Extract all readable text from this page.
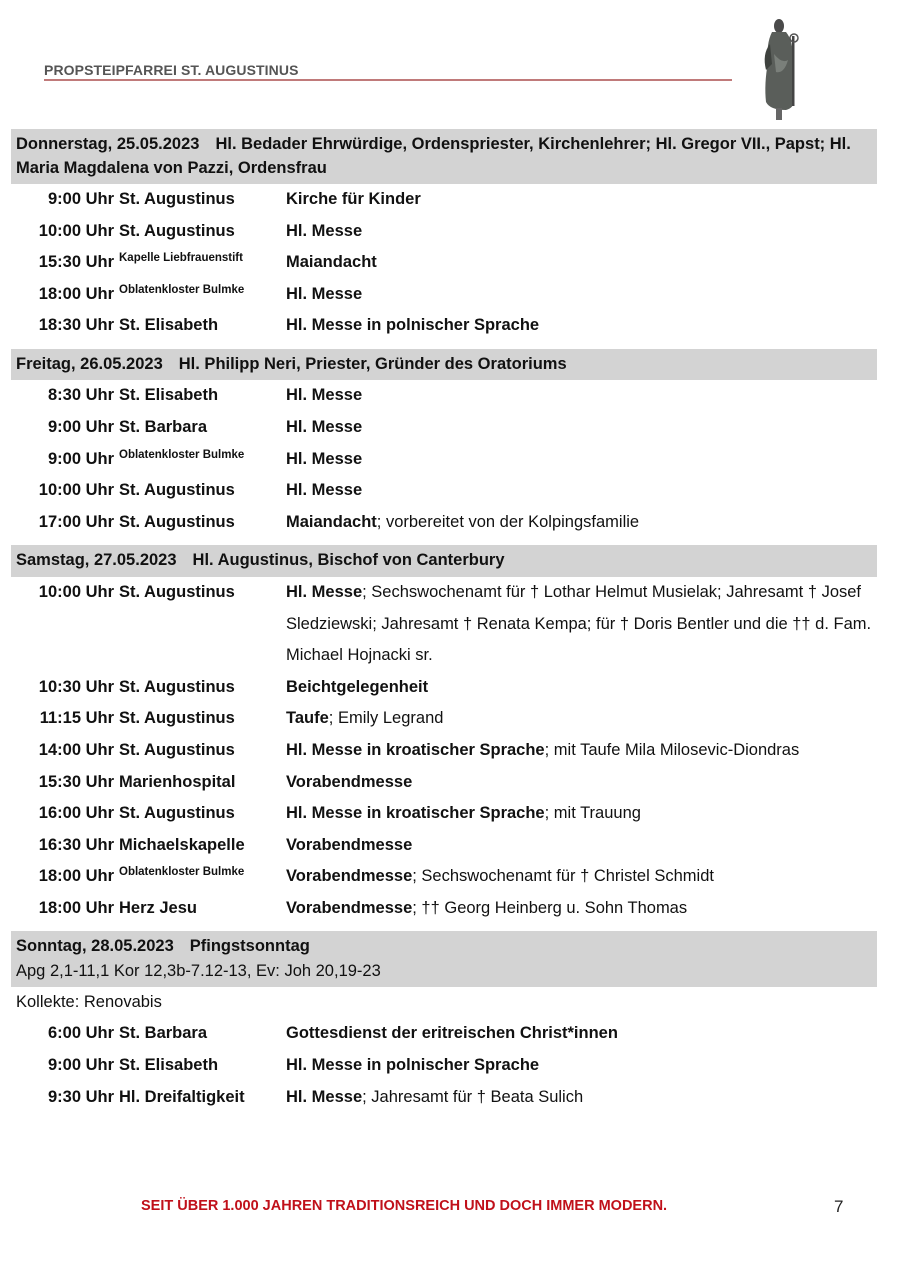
PROPSTEIPFARREI ST. AUGUSTINUS
Donnerstag, 25.05.2023 Hl. Bedader Ehrwürdige, Ordenspriester, Kirchenlehrer; Hl. Gregor VII., Papst; Hl. Maria Magdalena von Pazzi, Ordensfrau
9:00 Uhr St. Augustinus	Kirche für Kinder
10:00 Uhr St. Augustinus	Hl. Messe
15:30 Uhr Kapelle Liebfrauenstift	Maiandacht
18:00 Uhr Oblatenkloster Bulmke	Hl. Messe
18:30 Uhr St. Elisabeth	Hl. Messe in polnischer Sprache
Freitag, 26.05.2023 Hl. Philipp Neri, Priester, Gründer des Oratoriums
8:30 Uhr St. Elisabeth	Hl. Messe
9:00 Uhr St. Barbara	Hl. Messe
9:00 Uhr Oblatenkloster Bulmke	Hl. Messe
10:00 Uhr St. Augustinus	Hl. Messe
17:00 Uhr St. Augustinus	Maiandacht; vorbereitet von der Kolpingsfamilie
Samstag, 27.05.2023 Hl. Augustinus, Bischof von Canterbury
10:00 Uhr St. Augustinus	Hl. Messe; Sechswochenamt für † Lothar Helmut Musielak; Jahresamt † Josef Sledziewski; Jahresamt † Renata Kempa; für † Doris Bentler und die †† d. Fam. Michael Hojnacki sr.
10:30 Uhr St. Augustinus	Beichtgelegenheit
11:15 Uhr St. Augustinus	Taufe; Emily Legrand
14:00 Uhr St. Augustinus	Hl. Messe in kroatischer Sprache; mit Taufe Mila Milosevic-Diondras
15:30 Uhr Marienhospital	Vorabendmesse
16:00 Uhr St. Augustinus	Hl. Messe in kroatischer Sprache; mit Trauung
16:30 Uhr Michaelskapelle	Vorabendmesse
18:00 Uhr Oblatenkloster Bulmke	Vorabendmesse; Sechswochenamt für † Christel Schmidt
18:00 Uhr Herz Jesu	Vorabendmesse; †† Georg Heinberg u. Sohn Thomas
Sonntag, 28.05.2023 Pfingstsonntag
Apg 2,1-11,1 Kor 12,3b-7.12-13, Ev: Joh 20,19-23
Kollekte: Renovabis
6:00 Uhr St. Barbara	Gottesdienst der eritreischen Christ*innen
9:00 Uhr St. Elisabeth	Hl. Messe in polnischer Sprache
9:30 Uhr Hl. Dreifaltigkeit	Hl. Messe; Jahresamt für † Beata Sulich
SEIT ÜBER 1.000 JAHREN TRADITIONSREICH UND DOCH IMMER MODERN.	7
